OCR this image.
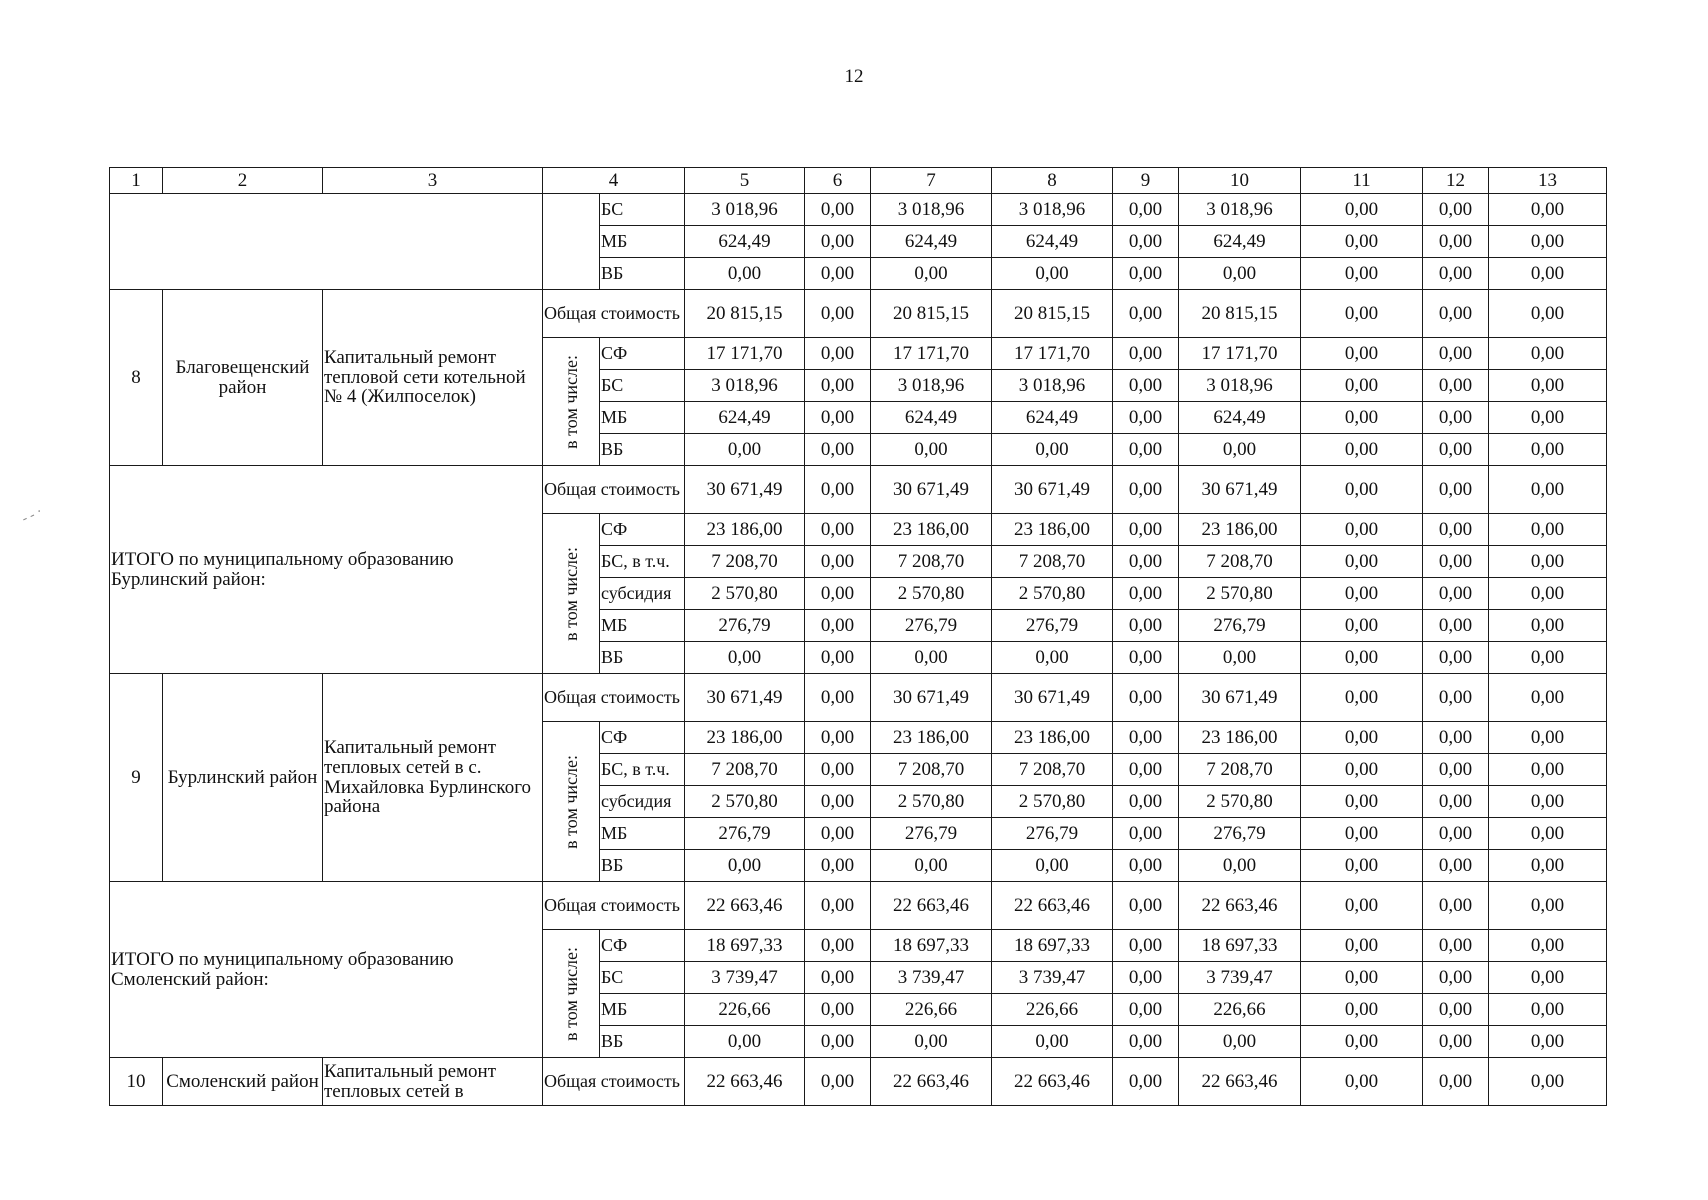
12
- - ·
1	2	3	4		5	6	7	8	9	10	11	12	13
				БС	3 018,96	0,00	3 018,96	3 018,96	0,00	3 018,96	0,00	0,00	0,00
				МБ	624,49	0,00	624,49	624,49	0,00	624,49	0,00	0,00	0,00
				ВБ	0,00	0,00	0,00	0,00	0,00	0,00	0,00	0,00	0,00
8	Благовещенский район	Капитальный ремонт тепловой сети котельной № 4 (Жилпоселок)	Общая стоимость		20 815,15	0,00	20 815,15	20 815,15	0,00	20 815,15	0,00	0,00	0,00

			в том числе:	СФ	17 171,70	0,00	17 171,70	17 171,70	0,00	17 171,70	0,00	0,00	0,00
				БС	3 018,96	0,00	3 018,96	3 018,96	0,00	3 018,96	0,00	0,00	0,00
				МБ	624,49	0,00	624,49	624,49	0,00	624,49	0,00	0,00	0,00
				ВБ	0,00	0,00	0,00	0,00	0,00	0,00	0,00	0,00	0,00
ИТОГО по муниципальному образованию Бурлинский район:			Общая стоимость		30 671,49	0,00	30 671,49	30 671,49	0,00	30 671,49	0,00	0,00	0,00

			в том числе:	СФ	23 186,00	0,00	23 186,00	23 186,00	0,00	23 186,00	0,00	0,00	0,00
				БС, в т.ч.	7 208,70	0,00	7 208,70	7 208,70	0,00	7 208,70	0,00	0,00	0,00
				субсидия	2 570,80	0,00	2 570,80	2 570,80	0,00	2 570,80	0,00	0,00	0,00
				МБ	276,79	0,00	276,79	276,79	0,00	276,79	0,00	0,00	0,00
				ВБ	0,00	0,00	0,00	0,00	0,00	0,00	0,00	0,00	0,00
9	Бурлинский район	Капитальный ремонт тепловых сетей в с. Михайловка Бурлинского района	Общая стоимость		30 671,49	0,00	30 671,49	30 671,49	0,00	30 671,49	0,00	0,00	0,00

			в том числе:	СФ	23 186,00	0,00	23 186,00	23 186,00	0,00	23 186,00	0,00	0,00	0,00
				БС, в т.ч.	7 208,70	0,00	7 208,70	7 208,70	0,00	7 208,70	0,00	0,00	0,00
				субсидия	2 570,80	0,00	2 570,80	2 570,80	0,00	2 570,80	0,00	0,00	0,00
				МБ	276,79	0,00	276,79	276,79	0,00	276,79	0,00	0,00	0,00
				ВБ	0,00	0,00	0,00	0,00	0,00	0,00	0,00	0,00	0,00
ИТОГО по муниципальному образованию Смоленский район:			Общая стоимость		22 663,46	0,00	22 663,46	22 663,46	0,00	22 663,46	0,00	0,00	0,00

			в том числе:	СФ	18 697,33	0,00	18 697,33	18 697,33	0,00	18 697,33	0,00	0,00	0,00
				БС	3 739,47	0,00	3 739,47	3 739,47	0,00	3 739,47	0,00	0,00	0,00
				МБ	226,66	0,00	226,66	226,66	0,00	226,66	0,00	0,00	0,00
				ВБ	0,00	0,00	0,00	0,00	0,00	0,00	0,00	0,00	0,00
10	Смоленский район	Капитальный ремонт тепловых сетей в	Общая стоимость		22 663,46	0,00	22 663,46	22 663,46	0,00	22 663,46	0,00	0,00	0,00
